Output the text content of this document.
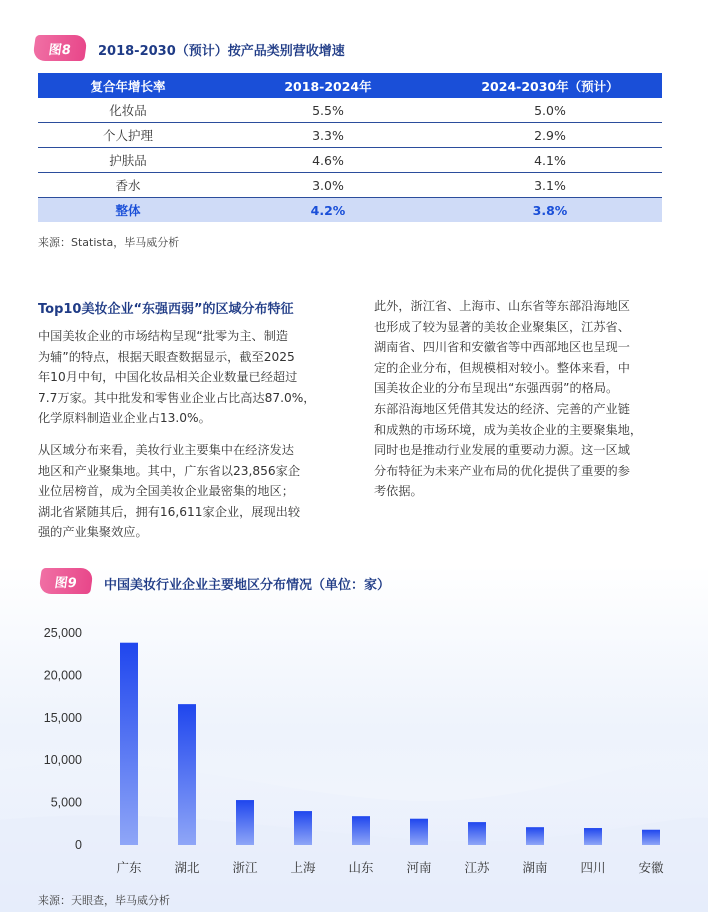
图8	2018-2030（预计）按产品类别营收增速
复合年增长率	2018-2024年	2024-2030年（预计）
化妆品	5.5%	5.0%
个人护理	3.3%	2.9%
护肤品	4.6%	4.1%
香水	3.0%	3.1%
整体	4.2%	3.8%
来源：Statista，毕马威分析
Top10美妆企业“东强西弱”的区域分布特征

中国美妆企业的市场结构呈现“批零为主、制造
为辅”的特点，根据天眼查数据显示，截至2025
年10月中旬，中国化妆品相关企业数量已经超过
7.7万家。其中批发和零售业企业占比高达87.0%，
化学原料制造业企业占13.0%。

从区域分布来看，美妆行业主要集中在经济发达
地区和产业聚集地。其中，广东省以23,856家企
业位居榜首，成为全国美妆企业最密集的地区；
湖北省紧随其后，拥有16,611家企业，展现出较
强的产业集聚效应。

此外，浙江省、上海市、山东省等东部沿海地区
也形成了较为显著的美妆企业聚集区，江苏省、
湖南省、四川省和安徽省等中西部地区也呈现一
定的企业分布，但规模相对较小。整体来看，中
国美妆企业的分布呈现出“东强西弱”的格局。
东部沿海地区凭借其发达的经济、完善的产业链
和成熟的市场环境，成为美妆企业的主要聚集地，
同时也是推动行业发展的重要动力源。这一区域
分布特征为未来产业布局的优化提供了重要的参
考依据。

图9	中国美妆行业企业主要地区分布情况（单位：家）
0
5,000
10,000
15,000
20,000
25,000
广东	湖北	浙江	上海	山东	河南	江苏	湖南	四川	安徽
来源：天眼查，毕马威分析
